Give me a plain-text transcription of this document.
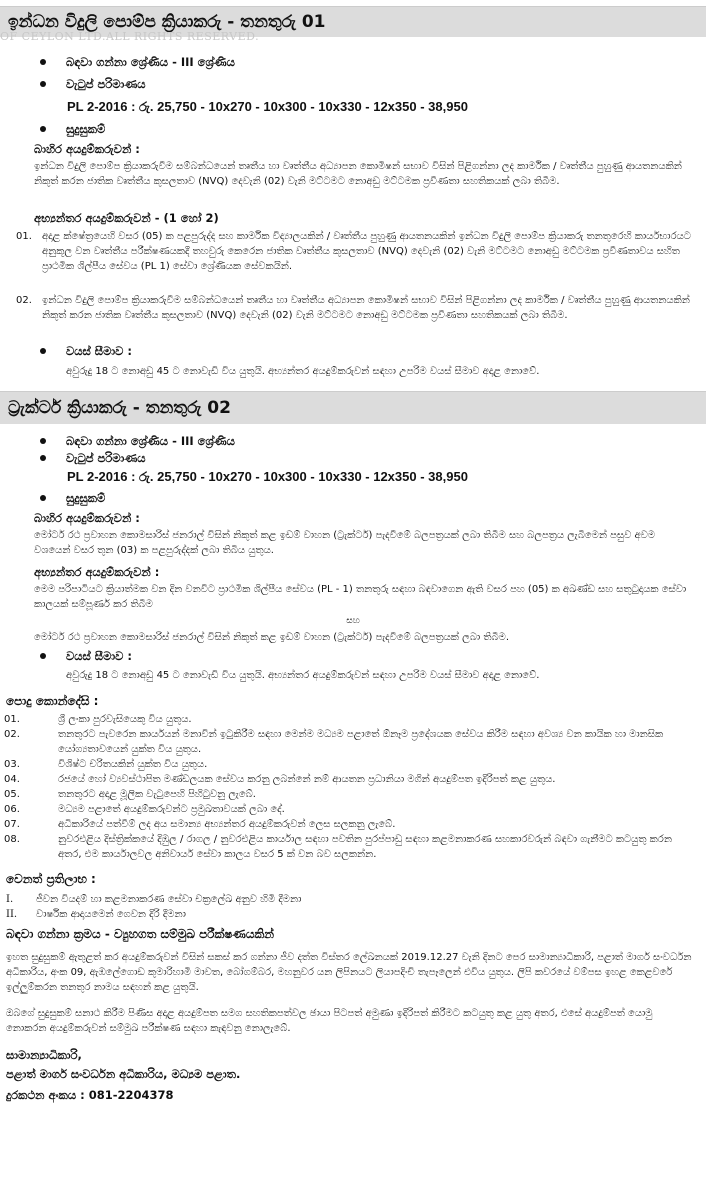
ඉන්ධන විදුලි පොම්ප ක්‍රියාකරු - තනතුරු 01
OF CEYLON LTD.ALL RIGHTS RESERVED.
බඳවා ගන්නා ශ්‍රේණිය - III ශ්‍රේණිය
වැටුප් පරිමාණය
PL 2-2016 : රු. 25,750 - 10x270 - 10x300 - 10x330 - 12x350 - 38,950
සුදුසුකම්
බාහිර අයදුම්කරුවන් :
ඉන්ධන විදුලි පොම්ප ක්‍රියාකරුවීම සම්බන්ධයෙන් තෘතීය හා වෘත්තීය අධ්‍යාපන කොමිෂන් සභාව විසින් පිළිගන්නා ලද කාර්මික / වෘත්තීය පුහුණු ආයතනයකින් නිකුත් කරන ජාතික වෘත්තීය කුසලතාව (NVQ) දෙවැනි (02) වැනි මට්ටමට නොඅඩු මට්ටමක ප්‍රවීණතා සහතිකයක් ලබා තිබීම.
අභ්‍යන්තර අයදුම්කරුවන් - (1 හෝ 2)
01.	අදාළ ක්ෂේත්‍රයෙහි වසර (05) ක පළපුරුද්ද සහ කාර්මික විද්‍යාලයකින් / වෘත්තීය පුහුණු ආයතනයකින් ඉන්ධන විදුලි පොම්ප ක්‍රියාකරු තනතුරෙහි කාර්යභාරයට අනුකූල වන වෘත්තීය පරීක්ෂණයකදී තහවුරු කෙරෙන ජාතික වෘත්තීය කුසලතාව (NVQ) දෙවැනි (02) වැනි මට්ටමට නොඅඩු මට්ටමක ප්‍රවීණතාවය සහිත ප්‍රාථමික ශිල්පීය සේවය (PL 1) සේවා ශ්‍රේණියක සේවකයින්.
02.	ඉන්ධන විදුලි පොම්ප ක්‍රියාකරුවීම සම්බන්ධයෙන් තෘතීය හා වෘත්තීය අධ්‍යාපන කොමිෂන් සභාව විසින් පිළිගන්නා ලද කාර්මික / වෘත්තීය පුහුණු ආයතනයකින් නිකුත් කරන ජාතික වෘත්තීය කුසලතාව (NVQ) දෙවැනි (02) වැනි මට්ටමට නොඅඩු මට්ටමක ප්‍රවීණතා සහතිකයක් ලබා තිබීම.
වයස් සීමාව :
අවුරුදු 18 ට නොඅඩු 45 ට නොවැඩි විය යුතුයි. අභ්‍යන්තර අයදුම්කරුවන් සඳහා උපරිම වයස් සීමාව අදාළ නොවේ.
ට්‍රැක්ටර් ක්‍රියාකරු - තනතුරු 02
බඳවා ගන්නා ශ්‍රේණිය - III ශ්‍රේණිය
වැටුප් පරිමාණය
PL 2-2016 : රු. 25,750 - 10x270 - 10x300 - 10x330 - 12x350 - 38,950
සුදුසුකම්
බාහිර අයදුම්කරුවන් :
මෝටර් රථ ප්‍රවාහන කොමසාරිස් ජනරාල් විසින් නිකුත් කළ ඉඩම් වාහන (ට්‍රැක්ටර්) පැදවීමේ බලපත්‍රයක් ලබා තිබීම සහ බලපත්‍රය ලැබීමෙන් පසුව අවම වශයෙන් වසර තුන (03) ක පළපුරුද්දක් ලබා තිබිය යුතුය.
අභ්‍යන්තර අයදුම්කරුවන් :
මෙම පරිපාටියට ක්‍රියාත්මක වන දින වනවිට ප්‍රාථමික ශිල්පීය සේවය (PL - 1) තනතුරු සඳහා බඳවාගෙන ඇති වසර පහ (05) ක අඛණ්ඩ සහ සතුටුදායක සේවා කාලයක් සම්පූර්ණ කර තිබීම
සහ
මෝටර් රථ ප්‍රවාහන කොමසාරිස් ජනරාල් විසින් නිකුත් කළ ඉඩම් වාහන (ට්‍රැක්ටර්) පැදවීමේ බලපත්‍රයක් ලබා තිබීම.
වයස් සීමාව :
අවුරුදු 18 ට නොඅඩු 45 ට නොවැඩි විය යුතුයි. අභ්‍යන්තර අයදුම්කරුවන් සඳහා උපරිම වයස් සීමාව අදාළ නොවේ.
පොදු කොන්දේසි :
01.	ශ්‍රී ලංකා පුරවැසියෙකු විය යුතුය.
02.	තනතුරට පැවරෙන කාර්යයන් මනාවින් ඉටුකිරීම සඳහා මෙන්ම මධ්‍යම පළාතේ ඕනෑම ප්‍රදේශයක සේවය කිරීම සඳහා අවශ්‍ය වන කායික හා මානසික යෝග්‍යතාවයෙන් යුක්ත විය යුතුය.
03.	විශිෂ්ට චරිතයකින් යුක්ත විය යුතුය.
04.	රජයේ හෝ ව්‍යවස්ථාපිත මණ්ඩලයක සේවය කරනු ලබන්නේ නම් ආයතන ප්‍රධානියා මගින් අයදුම්පත ඉදිරිපත් කළ යුතුය.
05.	තනතුරට අදාළ මූලික වැටුපෙහි පිහිටුවනු ලැබේ.
06.	මධ්‍යම පළාතේ අයදුම්කරුවන්ට ප්‍රමුඛතාවයක් ලබා දේ.
07.	අධිකාරියේ පත්වීම් ලද අය සමාන්‍ය අභ්‍යන්තර අයදුම්කරුවන් ලෙස සලකනු ලැබේ.
08.	නුවරඑළිය දිස්ත්‍රික්කයේ දිඹුල / රාගල / නුවරඑළිය කාර්යාල සඳහා පවතින පුරප්පාඩු සඳහා කළමනාකරණ සහකාරවරුන් බඳවා ගැනීමට කටයුතු කරන අතර, එම කාර්යාලවල අනිවාර්ය සේවා කාලය වසර 5 ක් වන බව සලකන්න.
වෙනත් ප්‍රතිලාභ :
I.	ජීවන වියදම් හා කළමනාකරණ සේවා චක්‍රලේඛ අනුව හිමි දීමනා
II.	වාර්ෂික ආදායමෙන් ගෙවන දිරි දීමනා
බඳවා ගන්නා ක්‍රමය - ව්‍යුහගත සම්මුඛ පරීක්ෂණයකින්
ඉහත සුදුසුකම් ඇතුළත් කර අයදුම්කරුවන් විසින් සකස් කර ගන්නා ජීව දත්ත විස්තර ලේඛනයක් 2019.12.27 වැනි දිනට පෙර සාමාන්‍යාධිකාරි, පළාත් මාර්ග සංවර්ධන අධිකාරිය, අංක 09, ඇඹලේගොඩ කුමාරිහාමි මාවත, බෝගම්බර, මහනුවර යන ලිපිනයට ලියාපදිංචි තැපෑලෙන් එවිය යුතුය. ලිපි කවරයේ වම්පස ඉහළ කෙළවරේ ඉල්ලුම්කරන තනතුර නාමය සඳහන් කළ යුතුයි.
ඔබගේ සුදුසුකම් සනාථ කිරීම පිණිස අදාළ අයදුම්පත සමග සහතිකපත්වල ඡායා පිටපත් අමුණා ඉදිරිපත් කිරීමට කටයුතු කළ යුතු අතර, එසේ අයදුම්පත් යොමු නොකරන අයදුම්කරුවන් සම්මුඛ පරීක්ෂණ සඳහා කැඳවනු නොලැබේ.
සාමාන්‍යාධිකාරි,
පළාත් මාර්ග සංවර්ධන අධිකාරිය, මධ්‍යම පළාත.
දුරකථන අංකය : 081-2204378
